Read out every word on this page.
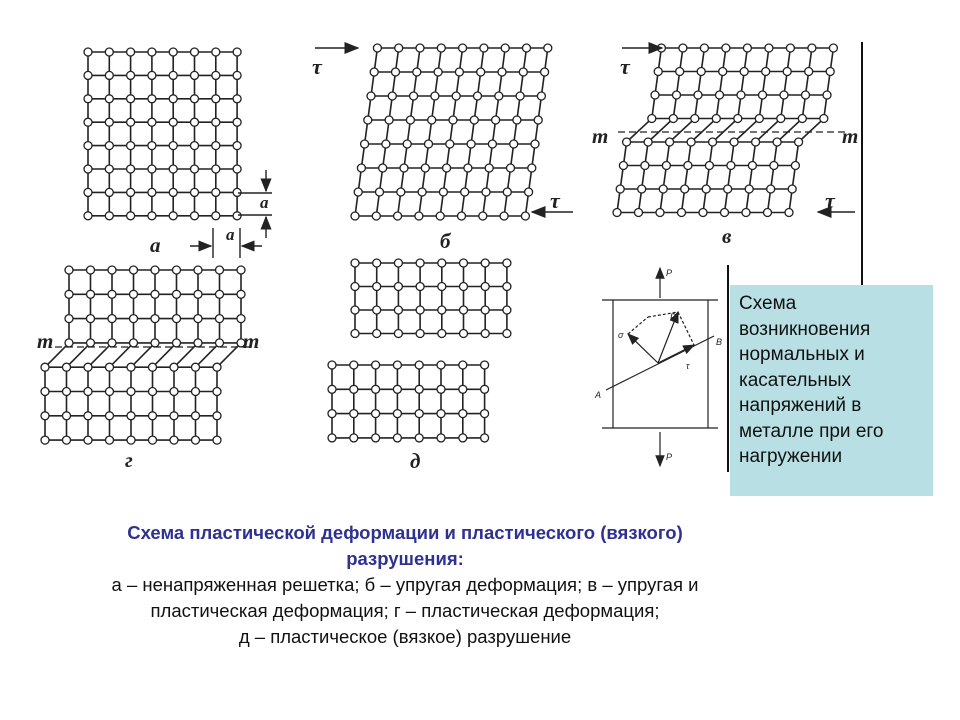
a
a
а
τ
τ
б
τ
τ
m	m
в
m	m
г	д
P
P
P
σ
τ
A
B
Схема возникновения нормальных и касательных напряжений в металле при его нагружении
Схема пластической деформации и пластического (вязкого)
разрушения:
а – ненапряженная решетка; б – упругая деформация; в – упругая и
пластическая деформация; г – пластическая деформация;
д – пластическое (вязкое) разрушение
